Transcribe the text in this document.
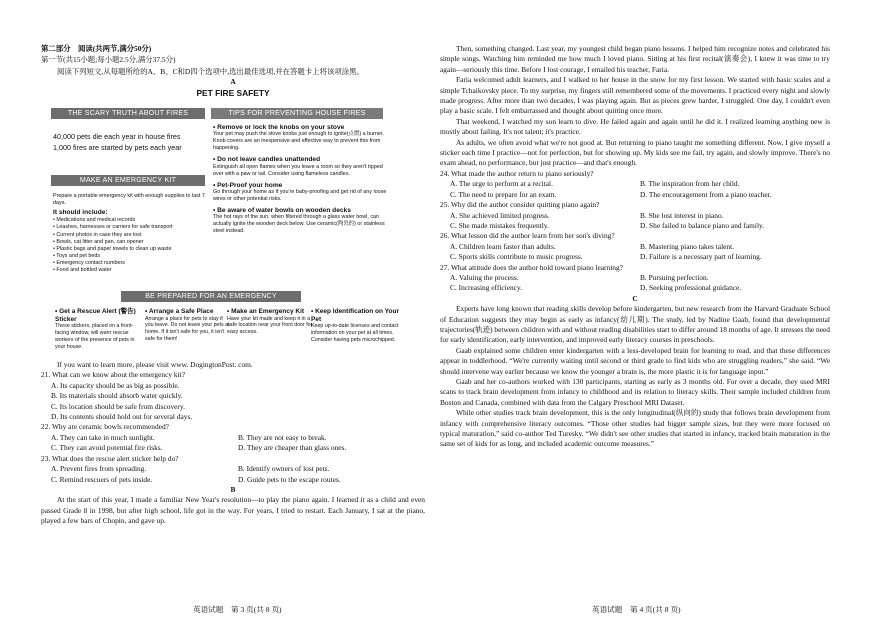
第二部分　阅读(共两节,满分50分)

第一节(共15小题;每小题2.5分,满分37.5分)

阅读下列短文,从每题所给的A、B、C和D四个选项中,选出最佳选项,并在答题卡上将该项涂黑。

A

PET FIRE SAFETY

THE SCARY TRUTH ABOUT FIRES	TIPS FOR PREVENTING HOUSE FIRES
40,000 pets die each year in house fires
1,000 fires are started by pets each year
• Remove or lock the knobs on your stove
Your pet may push the stove knobs just enough to ignite(点燃) a burner. Knob covers are an inexpensive and effective way to prevent this from happening.
• Do not leave candles unattended
Extinguish all open flames when you leave a room so they aren't tipped over with a paw or tail. Consider using flameless candles.
• Pet-Proof your home
Go through your home as if you're baby-proofing and get rid of any loose wires or other potential risks.
• Be aware of water bowls on wooden decks
The hot rays of the sun, when filtered through a glass water bowl, can actually ignite the wooden deck below. Use ceramic(陶瓷的) or stainless steel instead.
MAKE AN EMERGENCY KIT
Prepare a portable emergency kit with enough supplies to last 7 days.
It should include:
• Medications and medical records
• Leashes, harnesses or carriers for safe transport
• Current photos in case they are lost
• Bowls, cat litter and pan, can opener
• Plastic bags and paper towels to clean up waste
• Toys and pet beds
• Emergency contact numbers
• Food and bottled water
BE PREPARED FOR AN EMERGENCY
• Get a Rescue Alert (警告) Sticker
These stickers, placed on a front-facing window, will warn rescue workers of the presence of pets in your house.
• Arrange a Safe Place
Arrange a place for pets to stay if you leave. Do not leave your pets at home. If it isn't safe for you, it isn't safe for them!
• Make an Emergency Kit
Have your kit made and keep it in a safe location near your front door for easy access.
• Keep Identification on Your Pet
Keep up-to-date licenses and contact information on your pet at all times. Consider having pets microchipped.

If you want to learn more, please visit www. DogingtonPost. com.

21. What can we know about the emergency kit?

A. Its capacity should be as big as possible.

B. Its materials should absorb water quickly.

C. Its location should be safe from discovery.

D. Its contents should hold out for several days.

22. Why are ceramic bowls recommended?

A. They can take in much sunlight.	B. They are not easy to break.
C. They can avoid potential fire risks.	D. They are cheaper than glass ones.

23. What does the rescue alert sticker help do?

A. Prevent fires from spreading.	B. Identify owners of lost pets.
C. Remind rescuers of pets inside.	D. Guide pets to the escape routes.

B

At the start of this year, I made a familiar New Year's resolution—to play the piano again. I learned it as a child and even passed Grade 8 in 1998, but after high school, life got in the way. For years, I tried to restart. Each January, I sat at the piano, played a few bars of Chopin, and gave up.

Then, something changed. Last year, my youngest child began piano lessons. I helped him recognize notes and celebrated his simple songs. Watching him reminded me how much I loved piano. Sitting at his first recital(演奏会), I knew it was time to try again—seriously this time. Before I lost courage, I emailed his teacher, Faria.

Faria welcomed adult learners, and I walked to her house in the snow for my first lesson. We started with basic scales and a simple Tchaikovsky piece. To my surprise, my fingers still remembered some of the movements. I practiced every night and slowly made progress. After more than two decades, I was playing again. But as pieces grew harder, I struggled. One day, I couldn't even play a basic scale. I felt embarrassed and thought about quitting once more.

That weekend, I watched my son learn to dive. He failed again and again until he did it. I realized learning anything new is mostly about failing. It's not talent; it's practice.

As adults, we often avoid what we're not good at. But returning to piano taught me something different. Now, I give myself a sticker each time I practice—not for perfection, but for showing up. My kids see me fail, try again, and slowly improve. There's no exam ahead, no performance, but just practice—and that's enough.

24. What made the author return to piano seriously?

A. The urge to perform at a recital.	B. The inspiration from her child.
C. The need to prepare for an exam.	D. The encouragement from a piano teacher.

25. Why did the author consider quitting piano again?

A. She achieved limited progress.	B. She lost interest in piano.
C. She made mistakes frequently.	D. She failed to balance piano and family.

26. What lesson did the author learn from her son's diving?

A. Children learn faster than adults.	B. Mastering piano takes talent.
C. Sports skills contribute to music progress.	D. Failure is a necessary part of learning.

27. What attitude does the author hold toward piano learning?

A. Valuing the process.	B. Pursuing perfection.
C. Increasing efficiency.	D. Seeking professional guidance.

C

Experts have long known that reading skills develop before kindergarten, but new research from the Harvard Graduate School of Education suggests they may begin as early as infancy(幼儿期). The study, led by Nadine Gaab, found that developmental trajectories(轨迹) between children with and without reading disabilities start to differ around 18 months of age. It stresses the need for early identification, early intervention, and improved early literacy courses in preschools.

Gaab explained some children enter kindergarten with a less-developed brain for learning to read, and that these differences appear in toddlerhood. “We're currently waiting until second or third grade to find kids who are struggling readers,” she said. “We should intervene way earlier because we know the younger a brain is, the more plastic it is for language input.”

Gaab and her co-authors worked with 130 participants, starting as early as 3 months old. For over a decade, they used MRI scans to track brain development from infancy to childhood and its relation to literacy skills. Their sample included children from Boston and Canada, combined with data from the Calgary Preschool MRI Dataset.

While other studies track brain development, this is the only longitudinal(纵向的) study that follows brain development from infancy with comprehensive literacy outcomes. “Those other studies had bigger sample sizes, but they were more focused on typical maturation,” said co-author Ted Turesky. “We didn't see other studies that started in infancy, tracked brain maturation in the same set of kids for as long, and included academic outcome measures.”

英语试题　第 3 页(共 8 页)	英语试题　第 4 页(共 8 页)
